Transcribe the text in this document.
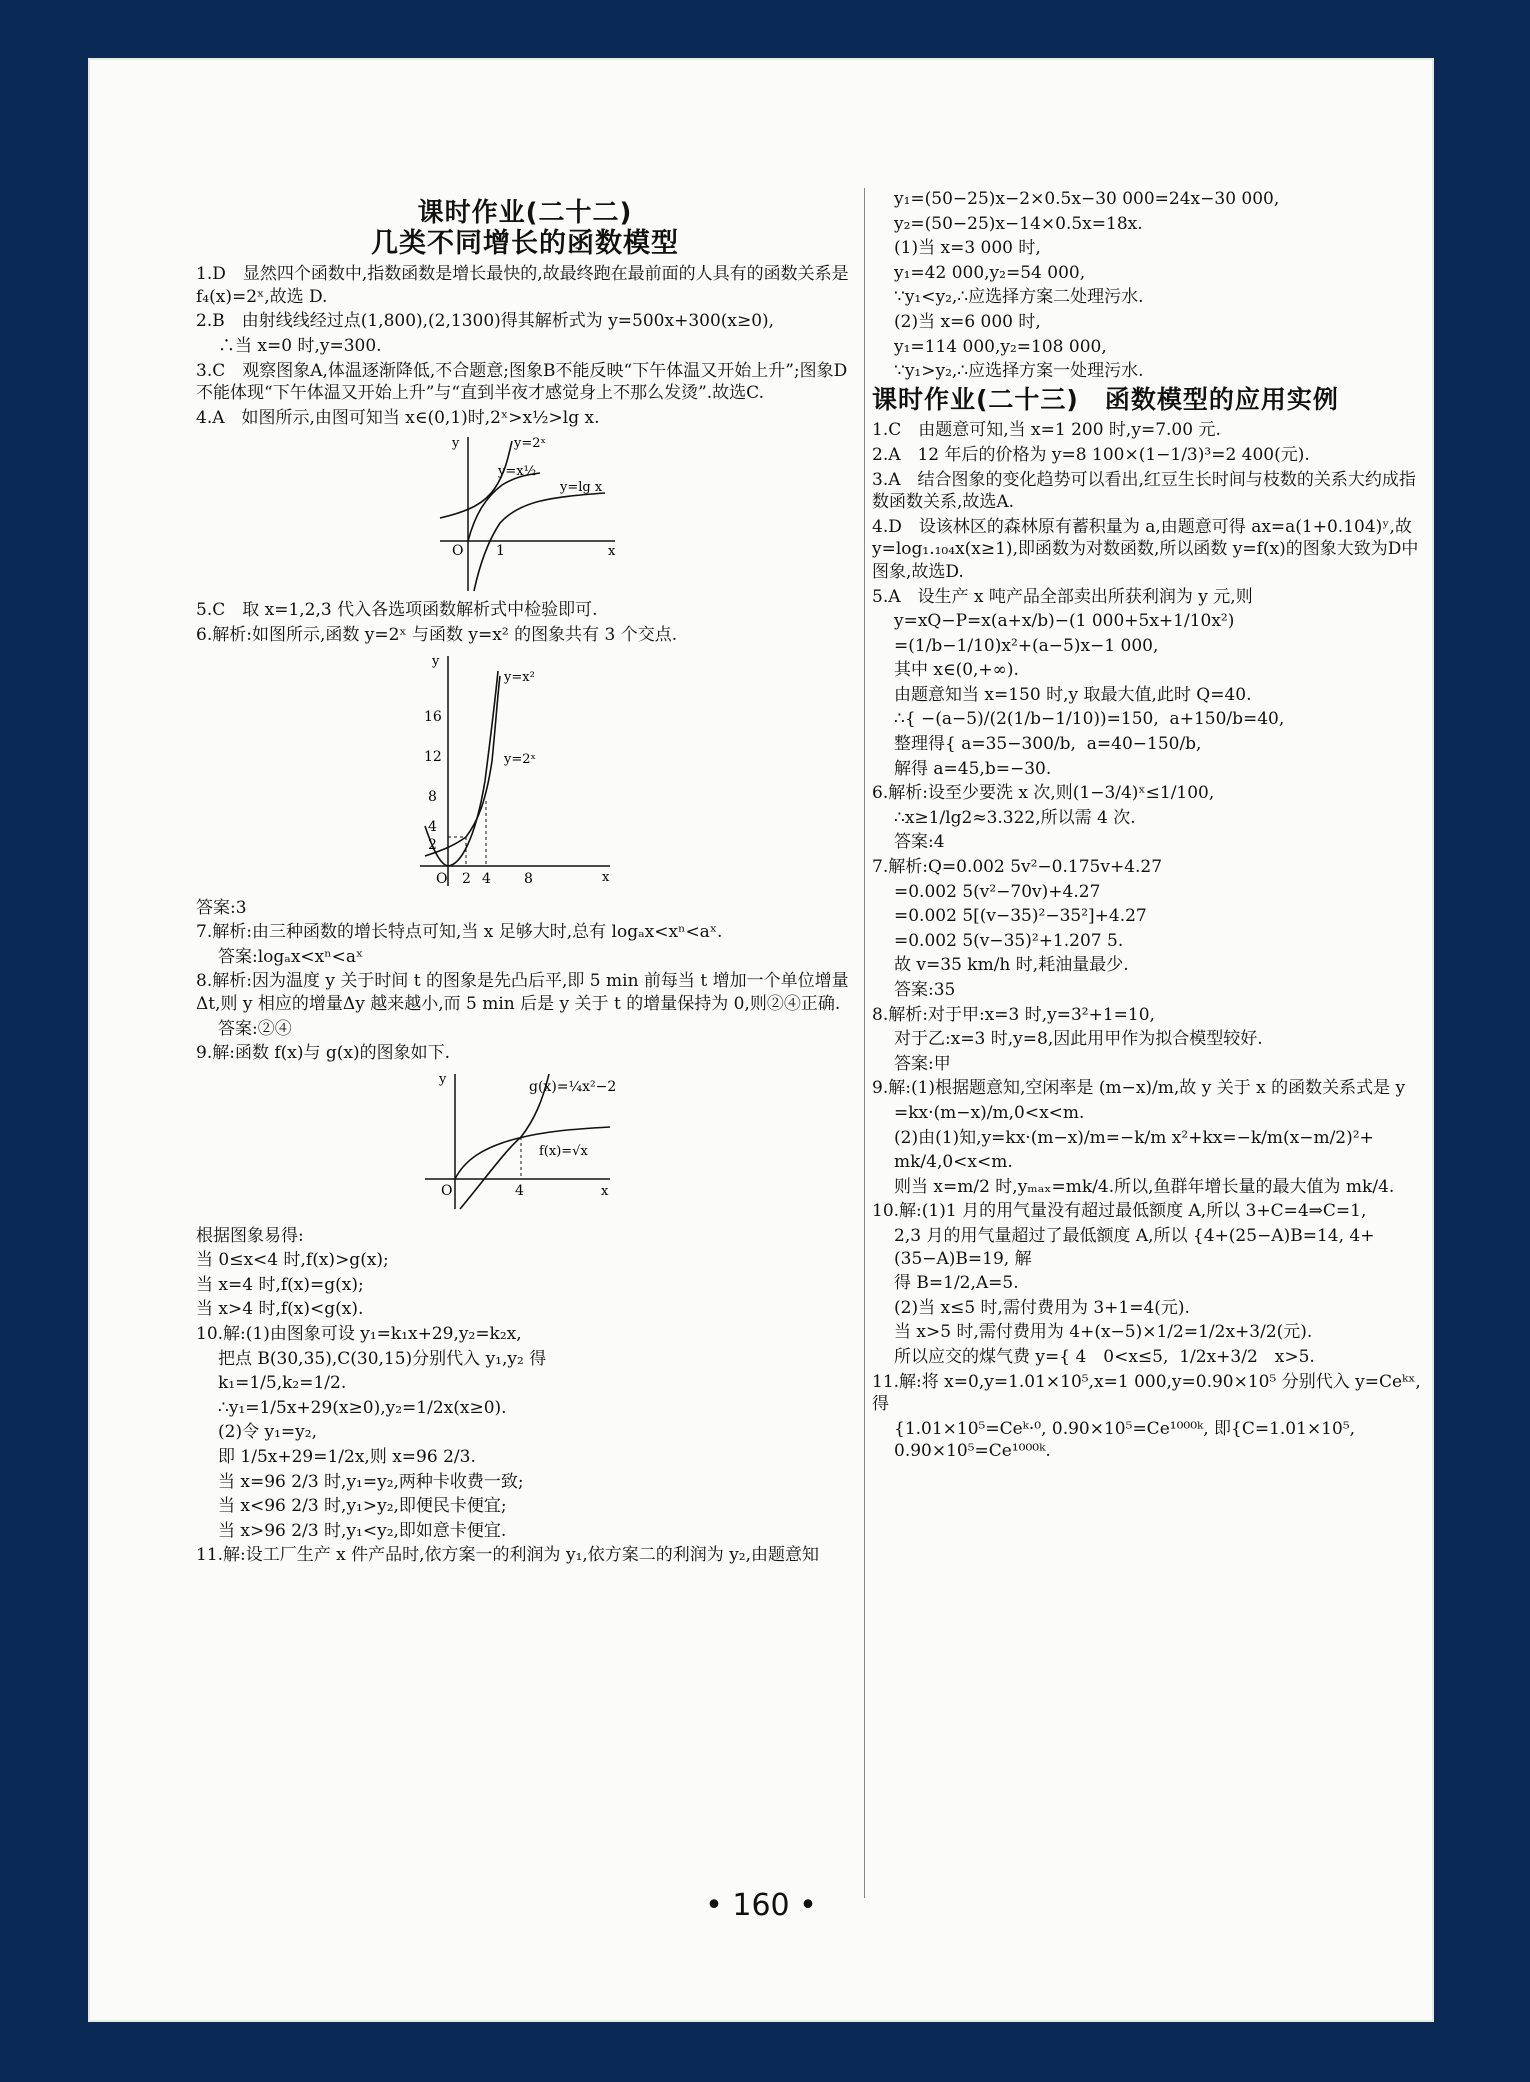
课时作业(二十二)
几类不同增长的函数模型
1.D　显然四个函数中,指数函数是增长最快的,故最终跑在最前面的人具有的函数关系是 f₄(x)=2ˣ,故选 D.
2.B　由射线线经过点(1,800),(2,1300)得其解析式为 y=500x+300(x≥0),
∴当 x=0 时,y=300.
3.C　观察图象A,体温逐渐降低,不合题意;图象B不能反映“下午体温又开始上升”;图象D不能体现“下午体温又开始上升”与“直到半夜才感觉身上不那么发烫”.故选C.
4.A　如图所示,由图可知当 x∈(0,1)时,2ˣ>x½>lg x.
y=2ˣ
y=x½
y=lg x
O 1	x
y
5.C　取 x=1,2,3 代入各选项函数解析式中检验即可.
6.解析:如图所示,函数 y=2ˣ 与函数 y=x² 的图象共有 3 个交点.
y=x²
y=2ˣ
16
12
8
4
2
O 2 4 8	x
y
答案:3
7.解析:由三种函数的增长特点可知,当 x 足够大时,总有 logₐx<xⁿ<aˣ.
答案:logₐx<xⁿ<aˣ
8.解析:因为温度 y 关于时间 t 的图象是先凸后平,即 5 min 前每当 t 增加一个单位增量Δt,则 y 相应的增量Δy 越来越小,而 5 min 后是 y 关于 t 的增量保持为 0,则②④正确.
答案:②④
9.解:函数 f(x)与 g(x)的图象如下.
g(x)=¼x²−2
f(x)=√x
4
O	x
y
根据图象易得:
当 0≤x<4 时,f(x)>g(x);
当 x=4 时,f(x)=g(x);
当 x>4 时,f(x)<g(x).
10.解:(1)由图象可设 y₁=k₁x+29,y₂=k₂x,
把点 B(30,35),C(30,15)分别代入 y₁,y₂ 得
k₁=1/5,k₂=1/2.
∴y₁=1/5x+29(x≥0),y₂=1/2x(x≥0).
(2)令 y₁=y₂,
即 1/5x+29=1/2x,则 x=96 2/3.
当 x=96 2/3 时,y₁=y₂,两种卡收费一致;
当 x<96 2/3 时,y₁>y₂,即便民卡便宜;
当 x>96 2/3 时,y₁<y₂,即如意卡便宜.
11.解:设工厂生产 x 件产品时,依方案一的利润为 y₁,依方案二的利润为 y₂,由题意知
y₁=(50−25)x−2×0.5x−30 000=24x−30 000,
y₂=(50−25)x−14×0.5x=18x.
(1)当 x=3 000 时,
y₁=42 000,y₂=54 000,
∵y₁<y₂,∴应选择方案二处理污水.
(2)当 x=6 000 时,
y₁=114 000,y₂=108 000,
∵y₁>y₂,∴应选择方案一处理污水.
课时作业(二十三)　函数模型的应用实例
1.C　由题意可知,当 x=1 200 时,y=7.00 元.
2.A　12 年后的价格为 y=8 100×(1−1/3)³=2 400(元).
3.A　结合图象的变化趋势可以看出,红豆生长时间与枝数的关系大约成指数函数关系,故选A.
4.D　设该林区的森林原有蓄积量为 a,由题意可得 ax=a(1+0.104)ʸ,故 y=log₁.₁₀₄x(x≥1),即函数为对数函数,所以函数 y=f(x)的图象大致为D中图象,故选D.
5.A　设生产 x 吨产品全部卖出所获利润为 y 元,则
y=xQ−P=x(a+x/b)−(1 000+5x+1/10x²)
=(1/b−1/10)x²+(a−5)x−1 000,
其中 x∈(0,+∞).
由题意知当 x=150 时,y 取最大值,此时 Q=40.
∴{ −(a−5)/(2(1/b−1/10))=150,  a+150/b=40,
整理得{ a=35−300/b,  a=40−150/b,
解得 a=45,b=−30.
6.解析:设至少要洗 x 次,则(1−3/4)ˣ≤1/100,
∴x≥1/lg2≈3.322,所以需 4 次.
答案:4
7.解析:Q=0.002 5v²−0.175v+4.27
=0.002 5(v²−70v)+4.27
=0.002 5[(v−35)²−35²]+4.27
=0.002 5(v−35)²+1.207 5.
故 v=35 km/h 时,耗油量最少.
答案:35
8.解析:对于甲:x=3 时,y=3²+1=10,
对于乙:x=3 时,y=8,因此用甲作为拟合模型较好.
答案:甲
9.解:(1)根据题意知,空闲率是 (m−x)/m,故 y 关于 x 的函数关系式是 y
=kx·(m−x)/m,0<x<m.
(2)由(1)知,y=kx·(m−x)/m=−k/m x²+kx=−k/m(x−m/2)²+
mk/4,0<x<m.
则当 x=m/2 时,yₘₐₓ=mk/4.所以,鱼群年增长量的最大值为 mk/4.
10.解:(1)1 月的用气量没有超过最低额度 A,所以 3+C=4⇒C=1,
2,3 月的用气量超过了最低额度 A,所以 {4+(25−A)B=14, 4+(35−A)B=19, 解
得 B=1/2,A=5.
(2)当 x≤5 时,需付费用为 3+1=4(元).
当 x>5 时,需付费用为 4+(x−5)×1/2=1/2x+3/2(元).
所以应交的煤气费 y={ 4　0<x≤5,  1/2x+3/2　x>5.
11.解:将 x=0,y=1.01×10⁵,x=1 000,y=0.90×10⁵ 分别代入 y=Ceᵏˣ,得
{1.01×10⁵=Ceᵏ·⁰, 0.90×10⁵=Ce¹⁰⁰⁰ᵏ, 即{C=1.01×10⁵, 0.90×10⁵=Ce¹⁰⁰⁰ᵏ.
• 160 •
